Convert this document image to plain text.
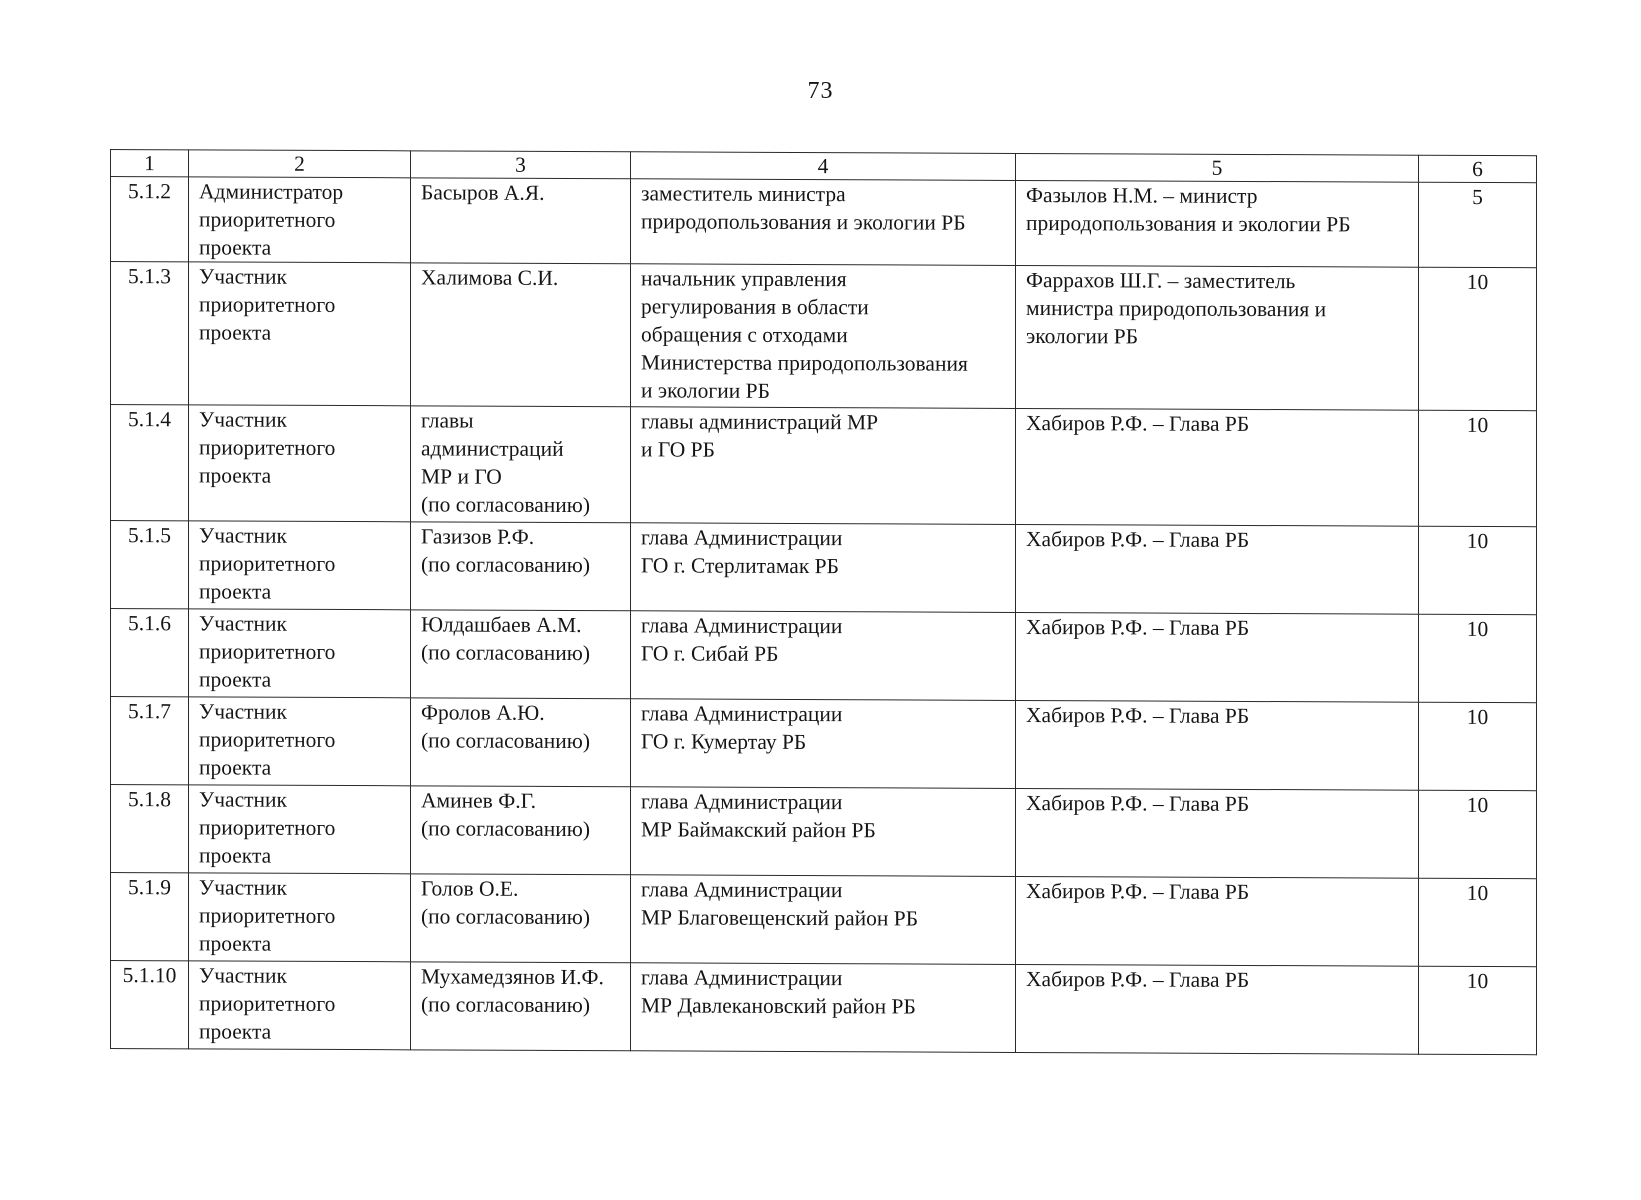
73
1	2	3	4	5	6
5.1.2	Администратор
приоритетного
проекта	Басыров А.Я.	заместитель министра
природопользования и экологии РБ	Фазылов Н.М. – министр
природопользования и экологии РБ	5
5.1.3	Участник
приоритетного
проекта	Халимова С.И.	начальник управления
регулирования в области
обращения с отходами
Министерства природопользования
и экологии РБ	Фаррахов Ш.Г. – заместитель
министра природопользования и
экологии РБ	10
5.1.4	Участник
приоритетного
проекта	главы
администраций
МР и ГО
(по согласованию)	главы администраций МР
и ГО РБ	Хабиров Р.Ф. – Глава РБ	10
5.1.5	Участник
приоритетного
проекта	Газизов Р.Ф.
(по согласованию)	глава Администрации
ГО г. Стерлитамак РБ	Хабиров Р.Ф. – Глава РБ	10
5.1.6	Участник
приоритетного
проекта	Юлдашбаев А.М.
(по согласованию)	глава Администрации
ГО г. Сибай РБ	Хабиров Р.Ф. – Глава РБ	10
5.1.7	Участник
приоритетного
проекта	Фролов А.Ю.
(по согласованию)	глава Администрации
ГО г. Кумертау РБ	Хабиров Р.Ф. – Глава РБ	10
5.1.8	Участник
приоритетного
проекта	Аминев Ф.Г.
(по согласованию)	глава Администрации
МР Баймакский район РБ	Хабиров Р.Ф. – Глава РБ	10
5.1.9	Участник
приоритетного
проекта	Голов О.Е.
(по согласованию)	глава Администрации
МР Благовещенский район РБ	Хабиров Р.Ф. – Глава РБ	10
5.1.10	Участник
приоритетного
проекта	Мухамедзянов И.Ф.
(по согласованию)	глава Администрации
МР Давлекановский район РБ	Хабиров Р.Ф. – Глава РБ	10
